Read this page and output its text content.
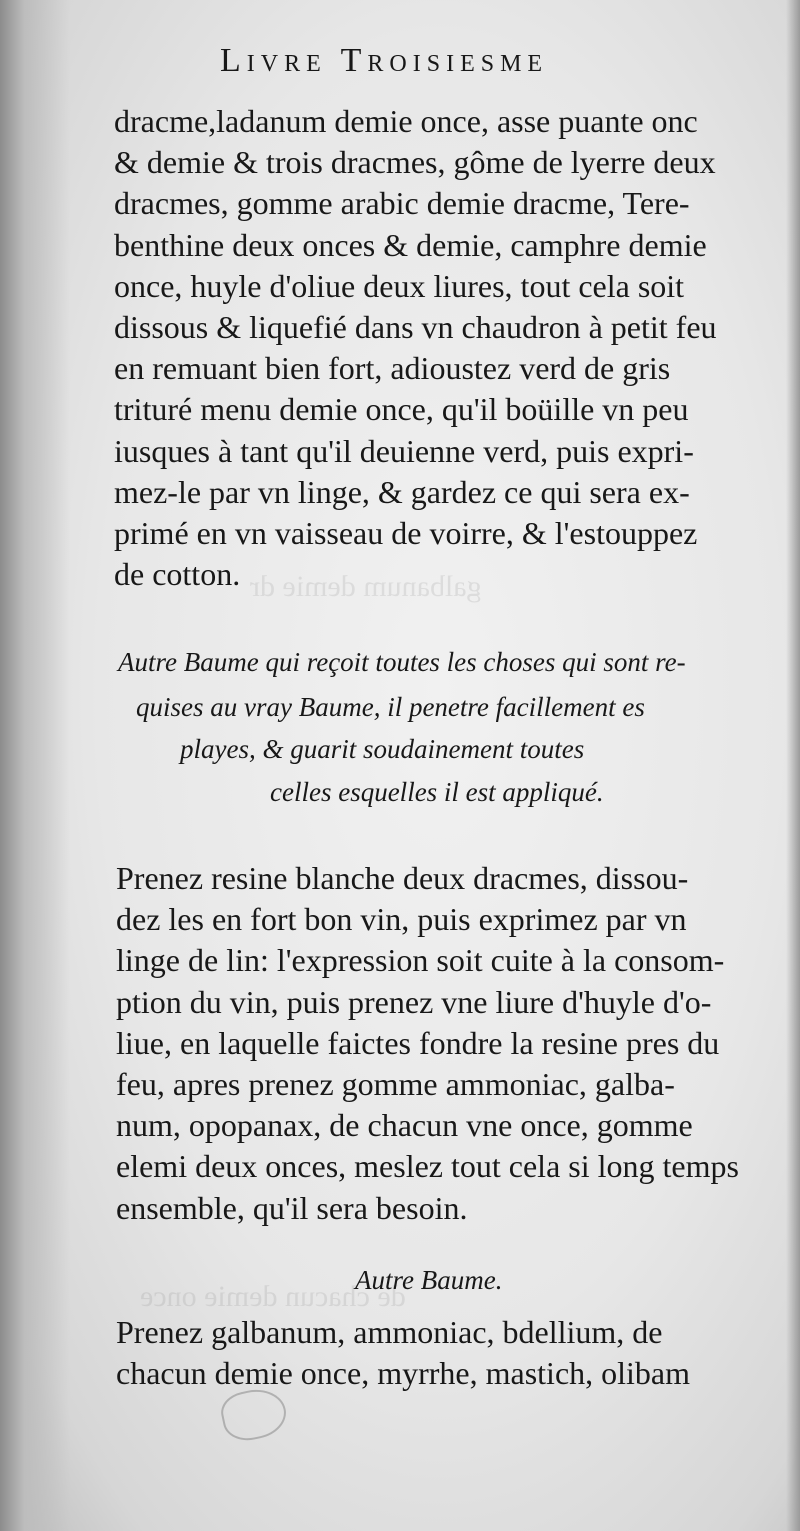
galbanum demie dr
de chacun demie once
Livre Troisiesme
dracme,ladanum demie once, asse puante onc
& demie & trois dracmes, gôme de lyerre deux
dracmes, gomme arabic demie dracme, Tere-
benthine deux onces & demie, camphre demie
once, huyle d'oliue deux liures, tout cela soit
dissous & liquefié dans vn chaudron à petit feu
en remuant bien fort, adioustez verd de gris
trituré menu demie once, qu'il boüille vn peu
iusques à tant qu'il deuienne verd, puis expri-
mez-le par vn linge, & gardez ce qui sera ex-
primé en vn vaisseau de voirre, & l'estouppez
de cotton.
Autre Baume qui reçoit toutes les choses qui sont re-
quises au vray Baume, il penetre facillement es
playes, & guarit soudainement toutes
celles esquelles il est appliqué.
Prenez resine blanche deux dracmes, dissou-
dez les en fort bon vin, puis exprimez par vn
linge de lin: l'expression soit cuite à la consom-
ption du vin, puis prenez vne liure d'huyle d'o-
liue, en laquelle faictes fondre la resine pres du
feu, apres prenez gomme ammoniac, galba-
num, opopanax, de chacun vne once, gomme
elemi deux onces, meslez tout cela si long temps
ensemble, qu'il sera besoin.
Autre Baume.
Prenez galbanum, ammoniac, bdellium, de
chacun demie once, myrrhe, mastich, olibam
